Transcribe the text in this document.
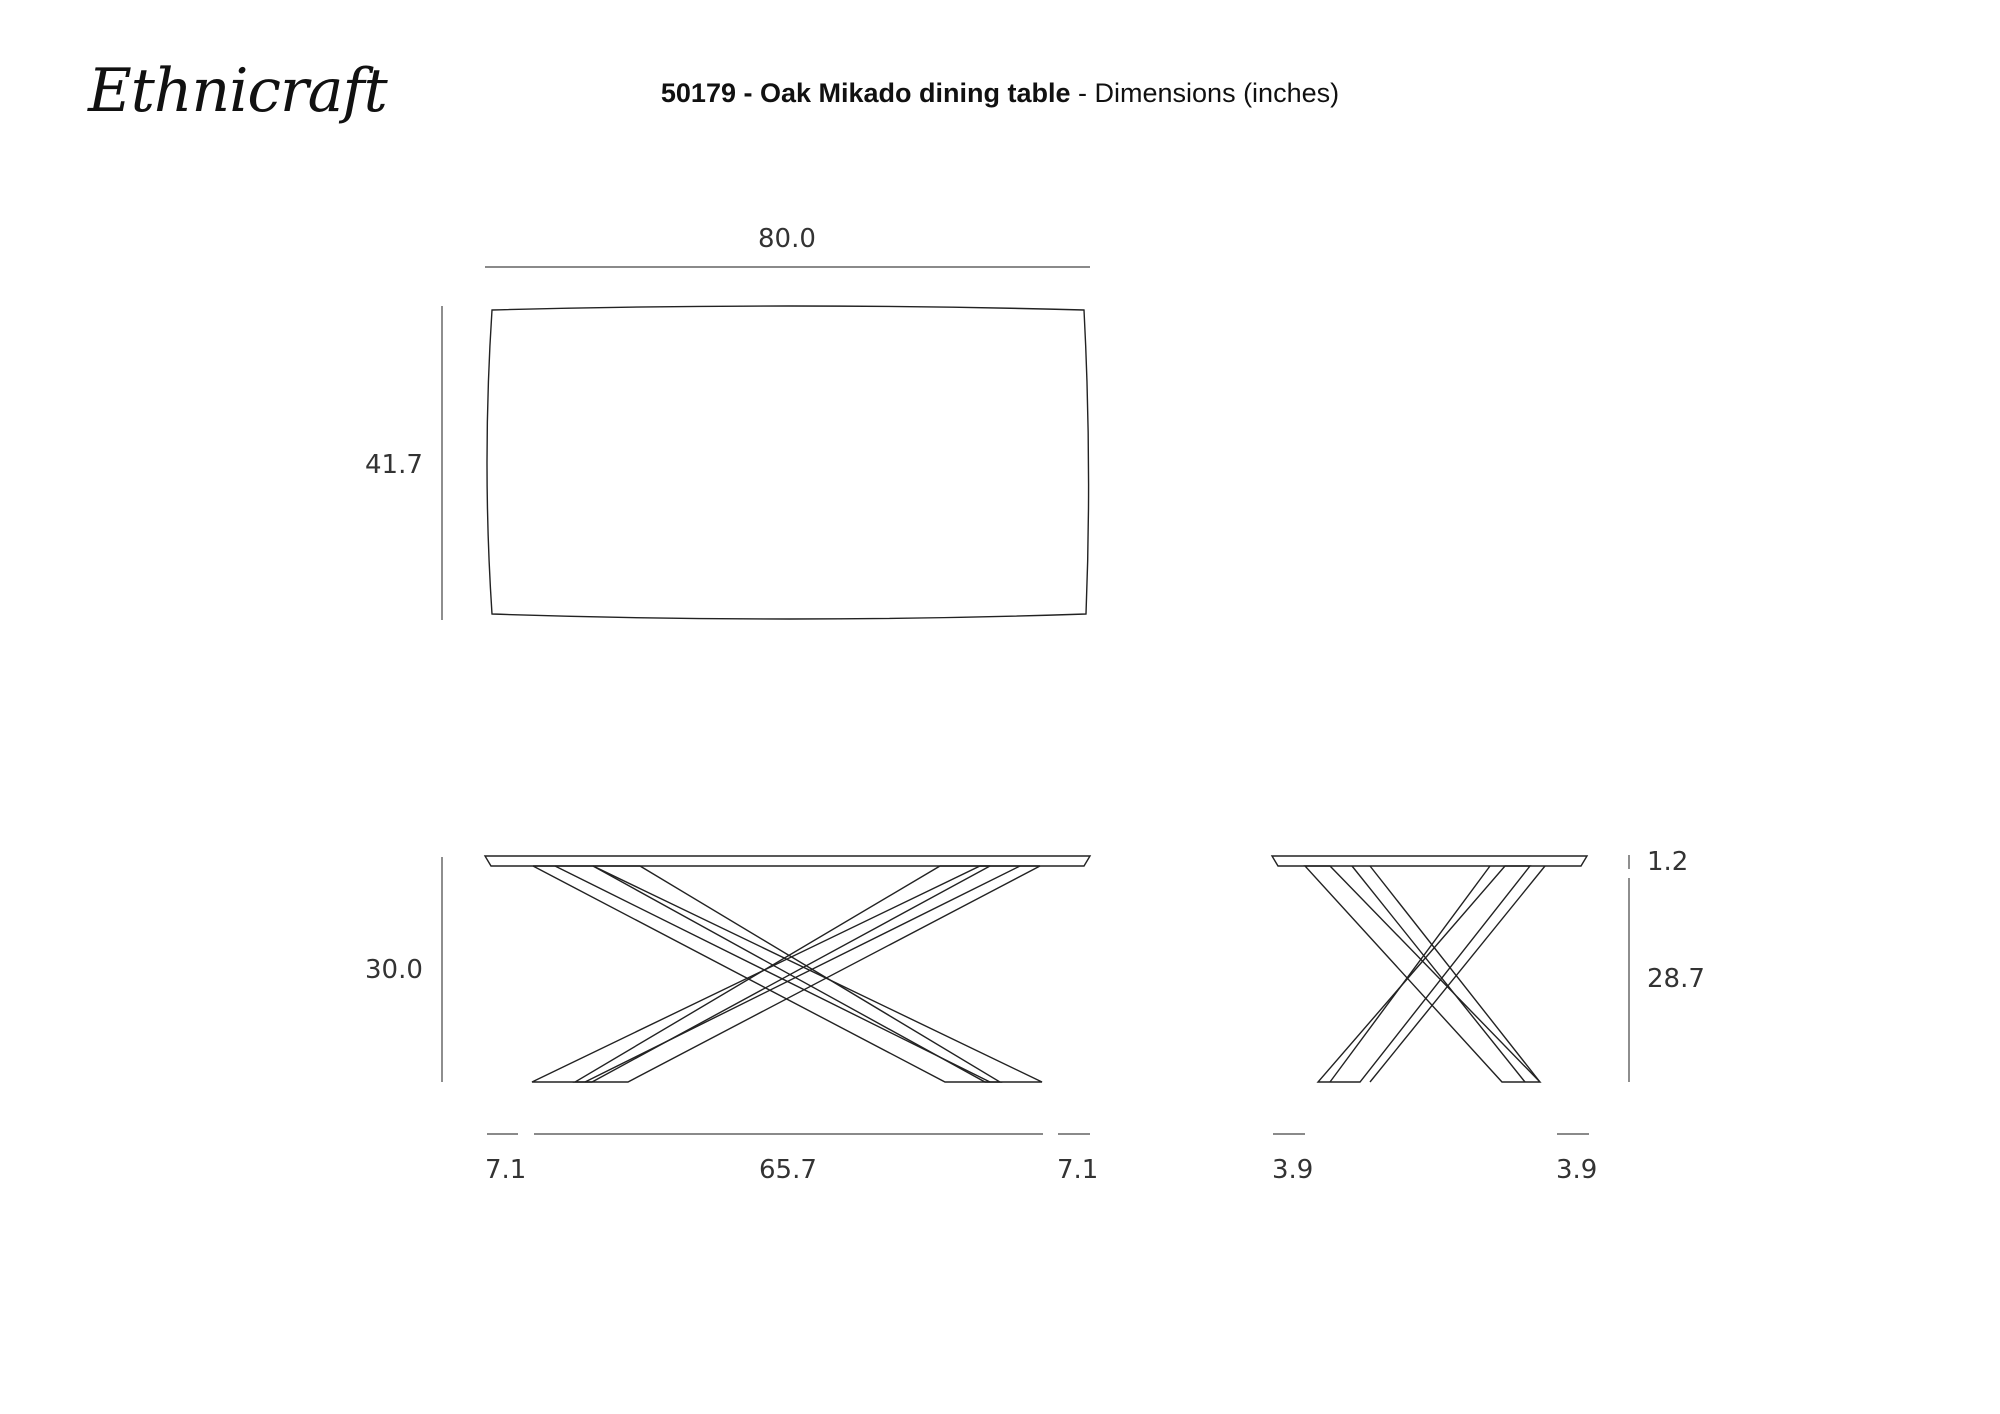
Ethnicraft	50179 - Oak Mikado dining table - Dimensions (inches)
80.0
41.7
30.0
7.1	65.7	7.1
1.2
28.7
3.9	3.9
